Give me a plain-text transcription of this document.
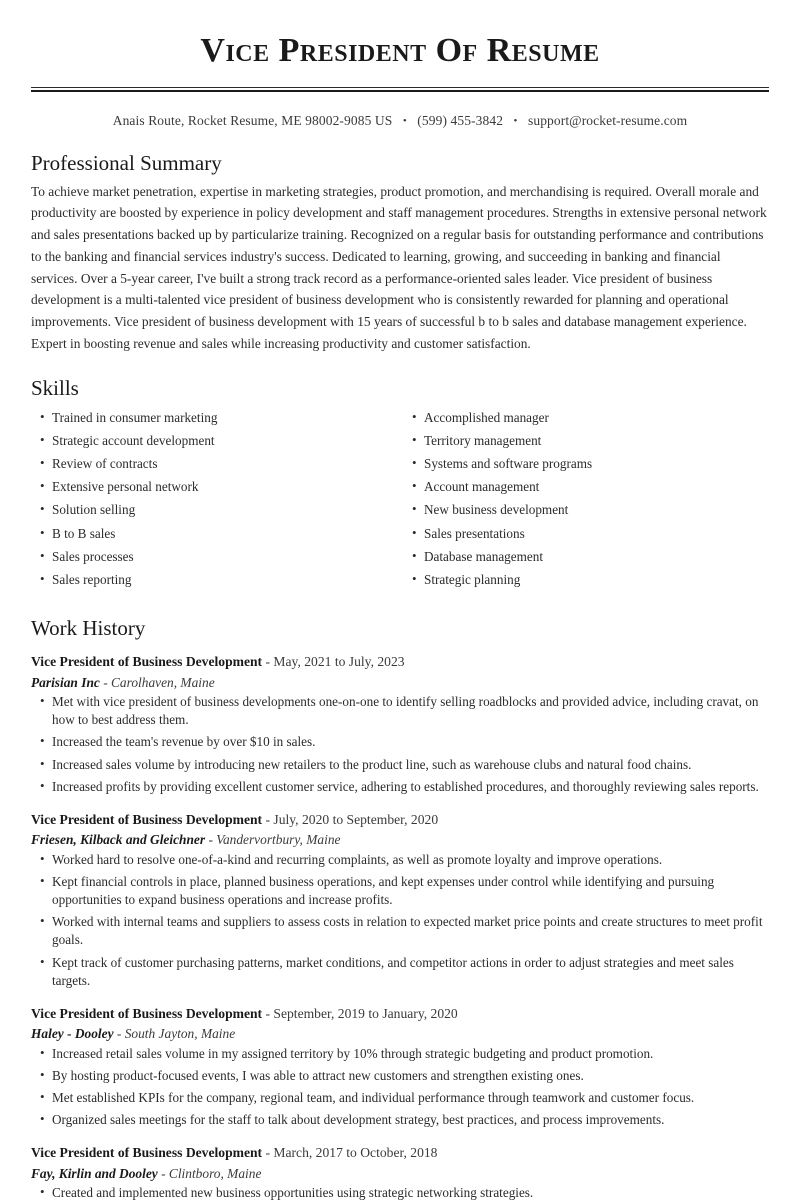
Vice President Of Resume
Anais Route, Rocket Resume, ME 98002-9085 US • (599) 455-3842 • support@rocket-resume.com
Professional Summary

To achieve market penetration, expertise in marketing strategies, product promotion, and merchandising is required. Overall morale and productivity are boosted by experience in policy development and staff management procedures. Strengths in extensive personal network and sales presentations backed up by particularize training. Recognized on a regular basis for outstanding performance and contributions to the banking and financial services industry's success. Dedicated to learning, growing, and succeeding in banking and financial services. Over a 5-year career, I've built a strong track record as a performance-oriented sales leader. Vice president of business development is a multi-talented vice president of business development who is consistently rewarded for planning and operational improvements. Vice president of business development with 15 years of successful b to b sales and database management experience. Expert in boosting revenue and sales while increasing productivity and customer satisfaction.

Skills
• Trained in consumer marketing
• Strategic account development
• Review of contracts
• Extensive personal network
• Solution selling
• B to B sales
• Sales processes
• Sales reporting
• Accomplished manager
• Territory management
• Systems and software programs
• Account management
• New business development
• Sales presentations
• Database management
• Strategic planning
Work History
Vice President of Business Development - May, 2021 to July, 2023
Parisian Inc - Carolhaven, Maine
• Met with vice president of business developments one-on-one to identify selling roadblocks and provided advice, including cravat, on how to best address them.
• Increased the team's revenue by over $10 in sales.
• Increased sales volume by introducing new retailers to the product line, such as warehouse clubs and natural food chains.
• Increased profits by providing excellent customer service, adhering to established procedures, and thoroughly reviewing sales reports.
Vice President of Business Development - July, 2020 to September, 2020
Friesen, Kilback and Gleichner - Vandervortbury, Maine
• Worked hard to resolve one-of-a-kind and recurring complaints, as well as promote loyalty and improve operations.
• Kept financial controls in place, planned business operations, and kept expenses under control while identifying and pursuing opportunities to expand business operations and increase profits.
• Worked with internal teams and suppliers to assess costs in relation to expected market price points and create structures to meet profit goals.
• Kept track of customer purchasing patterns, market conditions, and competitor actions in order to adjust strategies and meet sales targets.
Vice President of Business Development - September, 2019 to January, 2020
Haley - Dooley - South Jayton, Maine
• Increased retail sales volume in my assigned territory by 10% through strategic budgeting and product promotion.
• By hosting product-focused events, I was able to attract new customers and strengthen existing ones.
• Met established KPIs for the company, regional team, and individual performance through teamwork and customer focus.
• Organized sales meetings for the staff to talk about development strategy, best practices, and process improvements.
Vice President of Business Development - March, 2017 to October, 2018
Fay, Kirlin and Dooley - Clintboro, Maine
• Created and implemented new business opportunities using strategic networking strategies.
